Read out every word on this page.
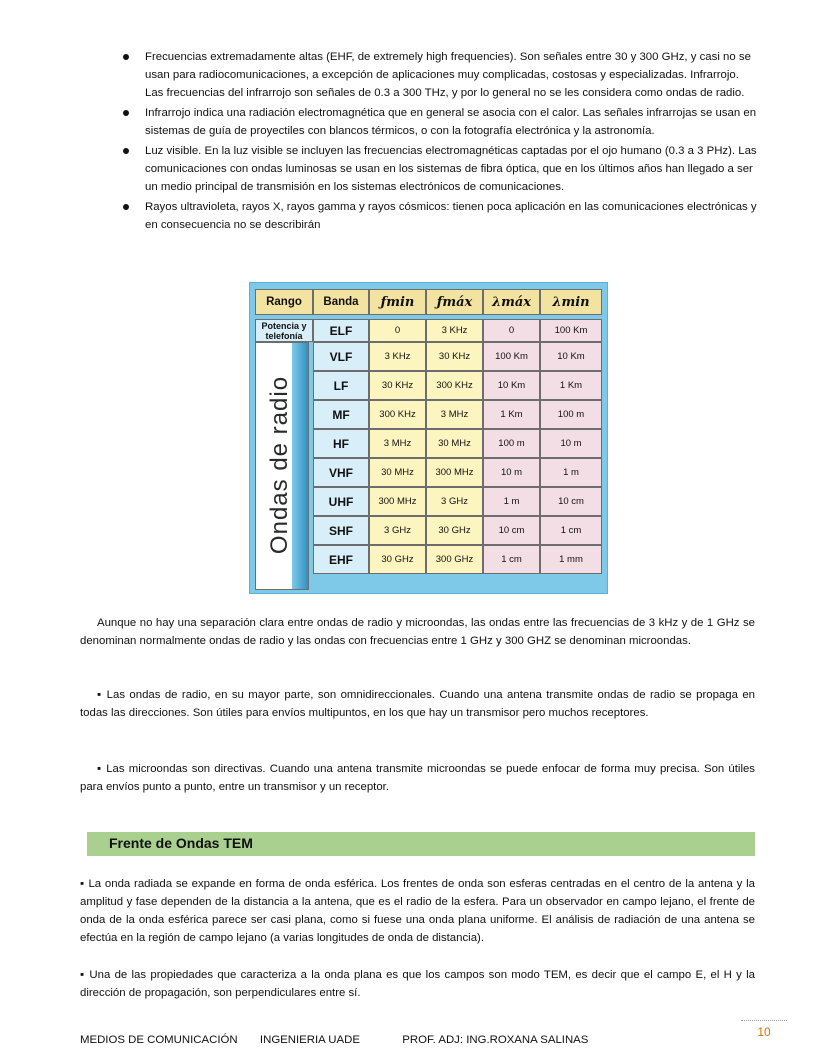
Frecuencias extremadamente altas (EHF, de extremely high frequencies). Son señales entre 30 y 300 GHz, y casi no se usan para radiocomunicaciones, a excepción de aplicaciones muy complicadas, costosas y especializadas. Infrarrojo. Las frecuencias del infrarrojo son señales de 0.3 a 300 THz, y por lo general no se les considera como ondas de radio.
Infrarrojo indica una radiación electromagnética que en general se asocia con el calor. Las señales infrarrojas se usan en sistemas de guía de proyectiles con blancos térmicos, o con la fotografía electrónica y la astronomía.
Luz visible. En la luz visible se incluyen las frecuencias electromagnéticas captadas por el ojo humano (0.3 a 3 PHz). Las comunicaciones con ondas luminosas se usan en los sistemas de fibra óptica, que en los últimos años han llegado a ser un medio principal de transmisión en los sistemas electrónicos de comunicaciones.
Rayos ultravioleta, rayos X, rayos gamma y rayos cósmicos: tienen poca aplicación en las comunicaciones electrónicas y en consecuencia no se describirán
Ondas de radio
Rango	Banda	ƒmin	ƒmáx	λmáx	λmin
Potencia y telefonía	ELF	0	3 KHz	0	100 Km
VLF	3 KHz	30 KHz	100 Km	10 Km
LF	30 KHz	300 KHz	10 Km	1 Km
MF	300 KHz	3 MHz	1 Km	100 m
HF	3 MHz	30 MHz	100 m	10 m
VHF	30 MHz	300 MHz	10 m	1 m
UHF	300 MHz	3 GHz	1 m	10 cm
SHF	3 GHz	30 GHz	10 cm	1 cm
EHF	30 GHz	300 GHz	1 cm	1 mm

Aunque no hay una separación clara entre ondas de radio y microondas, las ondas entre las frecuencias de 3 kHz y de 1 GHz se denominan normalmente ondas de radio y las ondas con frecuencias entre 1 GHz y 300 GHZ se denominan microondas.

▪ Las ondas de radio, en su mayor parte, son omnidireccionales. Cuando una antena transmite ondas de radio se propaga en todas las direcciones. Son útiles para envíos multipuntos, en los que hay un transmisor pero muchos receptores.

▪ Las microondas son directivas. Cuando una antena transmite microondas se puede enfocar de forma muy precisa. Son útiles para envíos punto a punto, entre un transmisor y un receptor.

Frente de Ondas TEM

▪ La onda radiada se expande en forma de onda esférica. Los frentes de onda son esferas centradas en el centro de la antena y la amplitud y fase dependen de la distancia a la antena, que es el radio de la esfera. Para un observador en campo lejano, el frente de onda de la onda esférica parece ser casi plana, como si fuese una onda plana uniforme. El análisis de radiación de una antena se efectúa en la región de campo lejano (a varias longitudes de onda de distancia).

▪ Una de las propiedades que caracteriza a la onda plana es que los campos son modo TEM, es decir que el campo E, el H y la dirección de propagación, son perpendiculares entre sí.

10
MEDIOS DE COMUNICACIÓN INGENIERIA UADE	PROF. ADJ: ING.ROXANA SALINAS
